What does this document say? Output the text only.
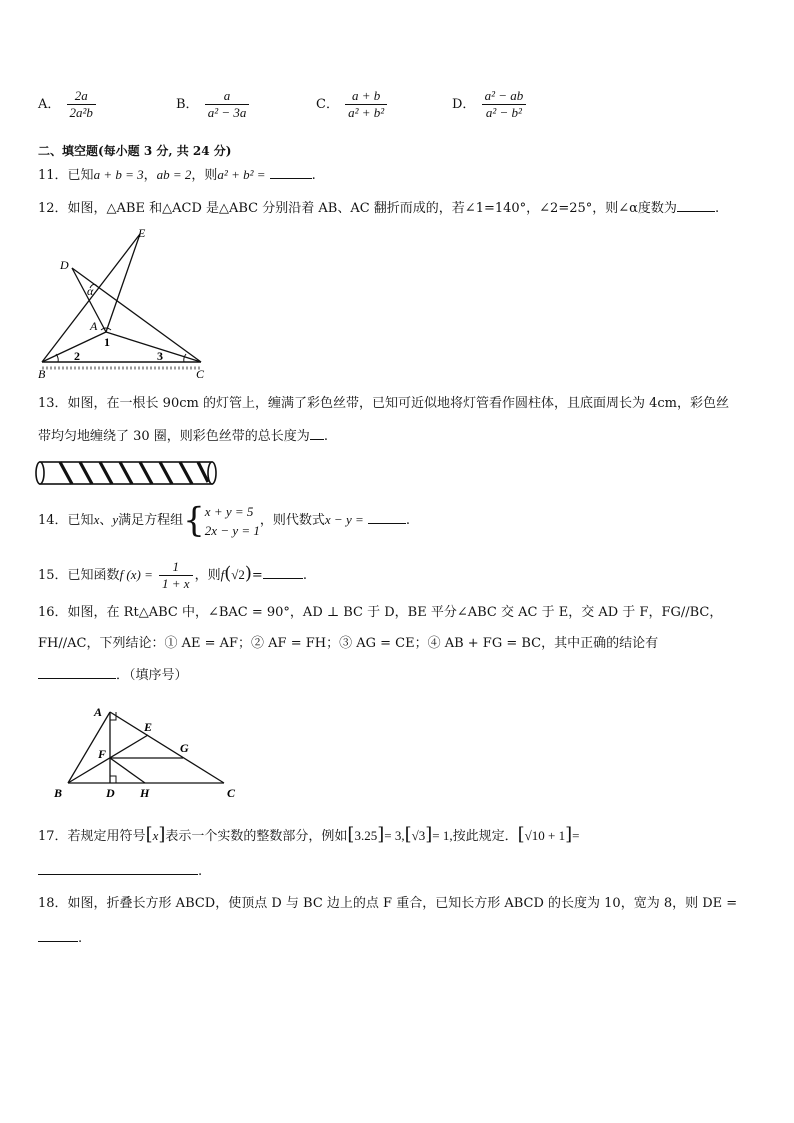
A． $\frac{2a}{\text{2a²b}}$	B． $\frac{a}{\text{a² − 3a}}$	C． $\frac{a + b}{\text{a² + b²}}$	D． $\frac{\text{a² − ab}}{\text{a² − b²}}$
二、填空题(每小题 3 分, 共 24 分)
11．已知a + b = 3，ab = 2，则a² + b² =	.
12．如图，△ABE 和△ACD 是△ABC 分别沿着 AB、AC 翻折而成的，若∠1=140°，∠2=25°，则∠α度数为	.
E
D
α
A
1
B
2	3
C
13．如图，在一根长 90cm 的灯管上，缠满了彩色丝带，已知可近似地将灯管看作圆柱体，且底面周长为 4cm，彩色丝
带均匀地缠绕了 30 圈，则彩色丝带的总长度为 .
14．已知x、y满足方程组{ x + y = 5
2x − y = 1
，则代数式x − y =	.
15．已知函数f $(x) = \frac{1}{1 + x}$ ，则f(√2)=	.
16．如图，在 Rt△ABC 中，∠BAC = 90°，AD ⊥ BC 于 D，BE 平分∠ABC 交 AC 于 E，交 AD 于 F，FG//BC，
FH//AC，下列结论：① AE = AF；② AF = FH；③ AG = CE；④ AB + FG = BC，其中正确的结论有
．（填序号）
A
E
G
F
B	D H	C
17．若规定用符号[x]表示一个实数的整数部分，例如[3.25]= 3,[√3]= 1,按此规定．[√10 + 1]=
.
18．如图，折叠长方形 ABCD，使顶点 D 与 BC 边上的点 F 重合，已知长方形 ABCD 的长度为 10，宽为 8，则 DE =
.
